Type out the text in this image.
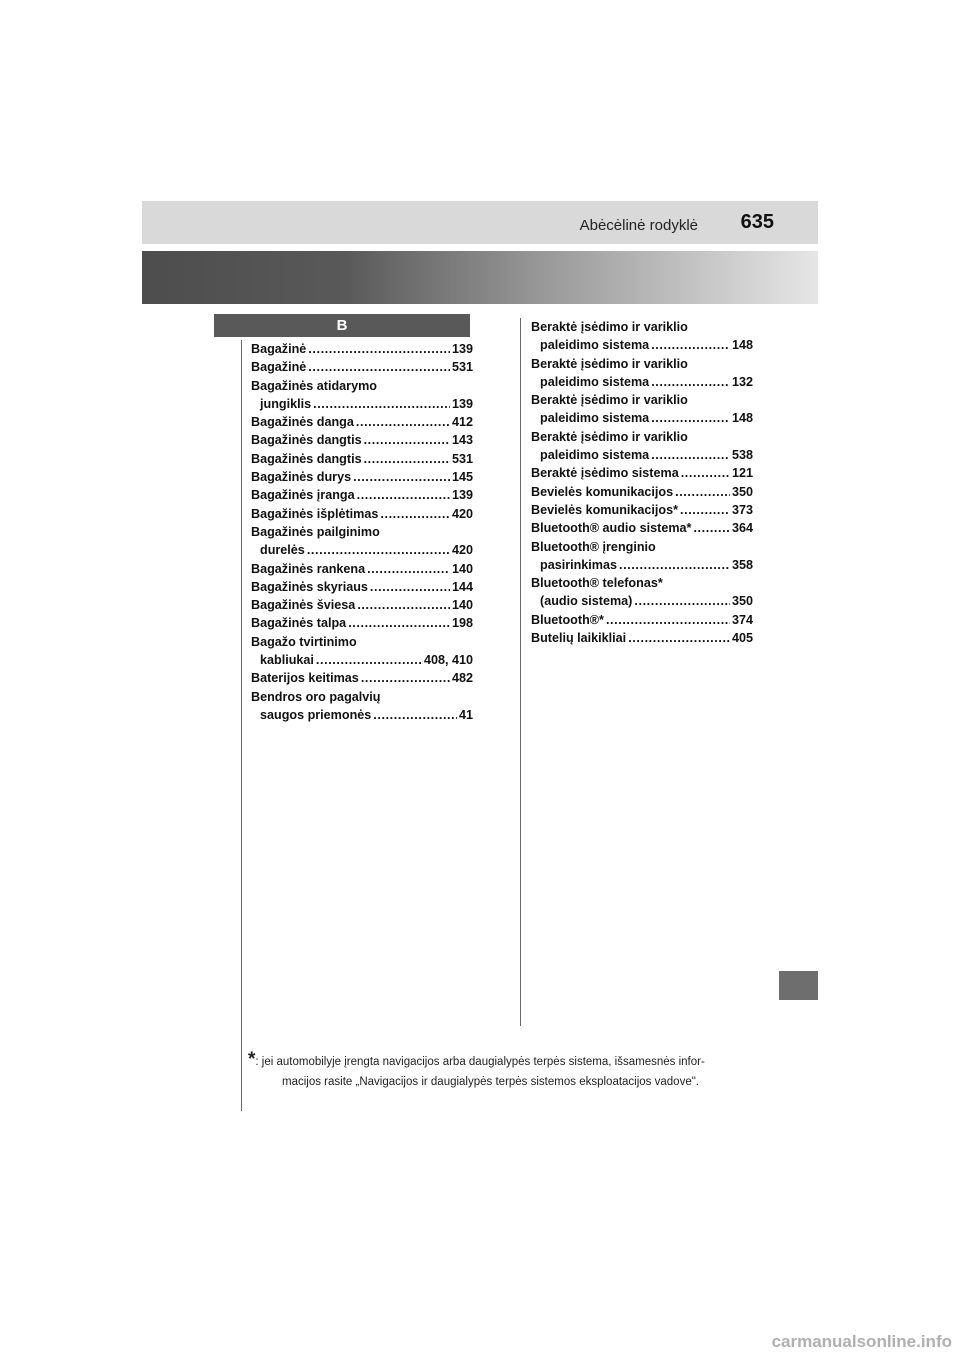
Abėcėlinė rodyklė 635
B
Bagažinė .....	139
Bagažinė .....	531
Bagažinės atidarymo
jungiklis .....	139
Bagažinės danga .....	412
Bagažinės dangtis .....	143
Bagažinės dangtis .....	531
Bagažinės durys .....	145
Bagažinės įranga .....	139
Bagažinės išplėtimas .....	420
Bagažinės pailginimo
durelės .....	420
Bagažinės rankena .....	140
Bagažinės skyriaus .....	144
Bagažinės šviesa .....	140
Bagažinės talpa .....	198
Bagažo tvirtinimo
kabliukai .....	408, 410
Baterijos keitimas .....	482
Bendros oro pagalvių
saugos priemonės .....	41
Beraktė įsėdimo ir variklio
paleidimo sistema .....	148
Beraktė įsėdimo ir variklio
paleidimo sistema .....	132
Beraktė įsėdimo ir variklio
paleidimo sistema .....	148
Beraktė įsėdimo ir variklio
paleidimo sistema .....	538
Beraktė įsėdimo sistema .....	121
Bevielės komunikacijos .....	350
Bevielės komunikacijos* .....	373
Bluetooth® audio sistema* .....	364
Bluetooth® įrenginio
pasirinkimas .....	358
Bluetooth® telefonas*
(audio sistema) .....	350
Bluetooth®* .....	374
Butelių laikikliai .....	405
*: jei automobilyje įrengta navigacijos arba daugialypės terpės sistema, išsamesnės infor-
macijos rasite „Navigacijos ir daugialypės terpės sistemos eksploatacijos vadove".
carmanualsonline.info
